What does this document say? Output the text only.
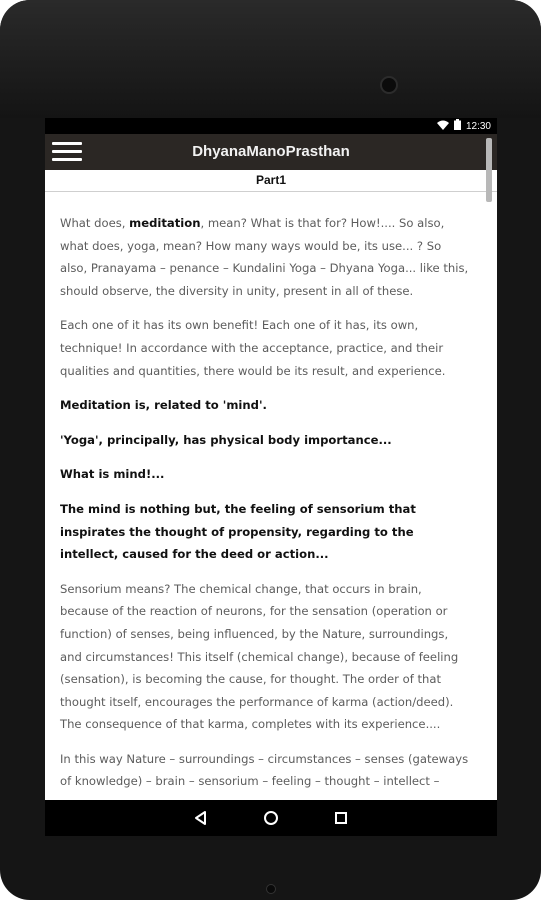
12:30
DhyanaManoPrasthan
Part1

What does, meditation, mean? What is that for? How!.... So also, what does, yoga, mean? How many ways would be, its use... ? So also, Pranayama – penance – Kundalini Yoga – Dhyana Yoga... like this, should observe, the diversity in unity, present in all of these.

Each one of it has its own benefit! Each one of it has, its own, technique! In accordance with the acceptance, practice, and their qualities and quantities, there would be its result, and experience.

Meditation is, related to 'mind'.

'Yoga', principally, has physical body importance...

What is mind!...

The mind is nothing but, the feeling of sensorium that inspirates the thought of propensity, regarding to the intellect, caused for the deed or action...

Sensorium means? The chemical change, that occurs in brain, because of the reaction of neurons, for the sensation (operation or function) of senses, being influenced, by the Nature, surroundings, and circumstances! This itself (chemical change), because of feeling (sensation), is becoming the cause, for thought. The order of that thought itself, encourages the performance of karma (action/deed). The consequence of that karma, completes with its experience....

In this way Nature – surroundings – circumstances – senses (gateways of knowledge) – brain – sensorium – feeling – thought – intellect –
